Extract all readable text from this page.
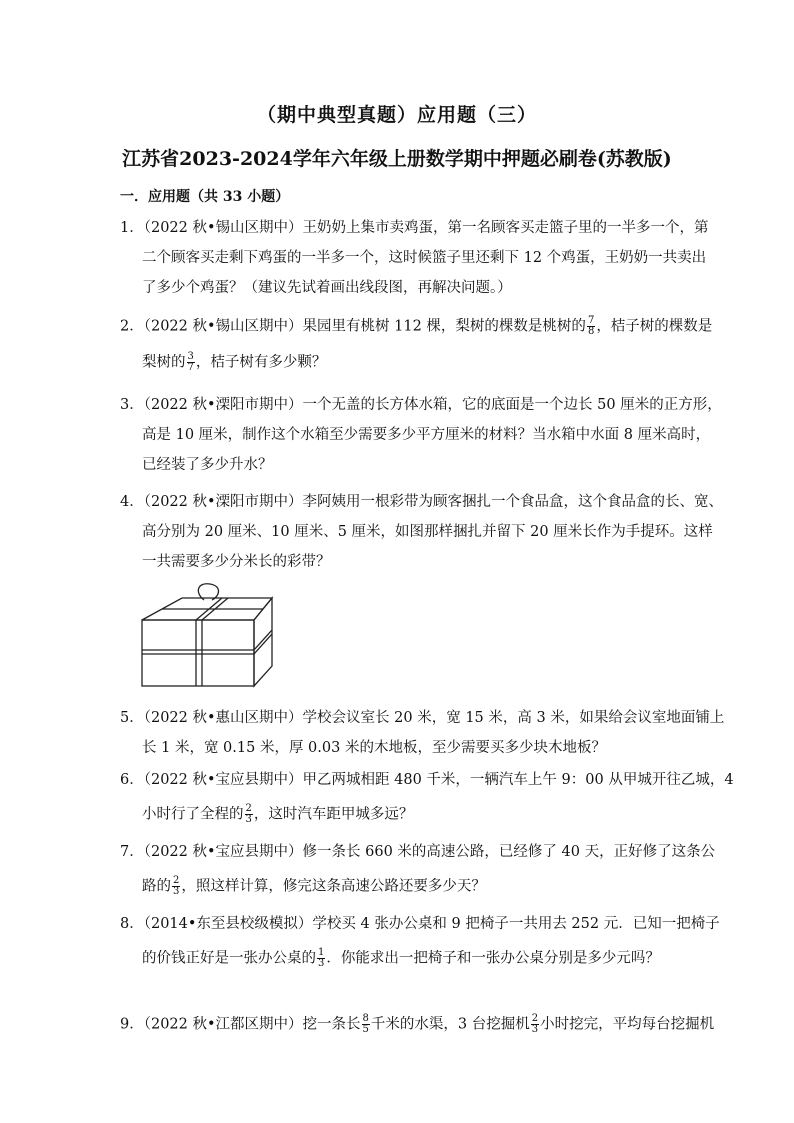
（期中典型真题）应用题（三）
江苏省2023-2024学年六年级上册数学期中押题必刷卷(苏教版)
一．应用题（共 33 小题）
1．（2022 秋•锡山区期中）王奶奶上集市卖鸡蛋，第一名顾客买走篮子里的一半多一个，第
二个顾客买走剩下鸡蛋的一半多一个，这时候篮子里还剩下 12 个鸡蛋，王奶奶一共卖出
了多少个鸡蛋？（建议先试着画出线段图，再解决问题。）
2．（2022 秋•锡山区期中）果园里有桃树 112 棵，梨树的棵数是桃树的 $\frac{7}{8}$ ，桔子树的棵数是
梨树的 $\frac{3}{7}$ ，桔子树有多少颗？
3．（2022 秋•溧阳市期中）一个无盖的长方体水箱，它的底面是一个边长 50 厘米的正方形，
高是 10 厘米，制作这个水箱至少需要多少平方厘米的材料？当水箱中水面 8 厘米高时，
已经装了多少升水？
4．（2022 秋•溧阳市期中）李阿姨用一根彩带为顾客捆扎一个食品盒，这个食品盒的长、宽、
高分别为 20 厘米、10 厘米、5 厘米，如图那样捆扎并留下 20 厘米长作为手提环。这样
一共需要多少分米长的彩带？
5．（2022 秋•惠山区期中）学校会议室长 20 米，宽 15 米，高 3 米，如果给会议室地面铺上
长 1 米，宽 0.15 米，厚 0.03 米的木地板，至少需要买多少块木地板？
6．（2022 秋•宝应县期中）甲乙两城相距 480 千米，一辆汽车上午 9：00 从甲城开往乙城，4
小时行了全程的 $\frac{2}{3}$ ，这时汽车距甲城多远？
7．（2022 秋•宝应县期中）修一条长 660 米的高速公路，已经修了 40 天，正好修了这条公
路的 $\frac{2}{3}$ ，照这样计算，修完这条高速公路还要多少天？
8．（2014•东至县校级模拟）学校买 4 张办公桌和 9 把椅子一共用去 252 元．已知一把椅子
的价钱正好是一张办公桌的 $\frac{1}{3}$ ．你能求出一把椅子和一张办公桌分别是多少元吗？
9．（2022 秋•江都区期中）挖一条长 $\frac{8}{5}$ 千米的水渠，3 台挖掘机 $\frac{2}{3}$ 小时挖完，平均每台挖掘机
